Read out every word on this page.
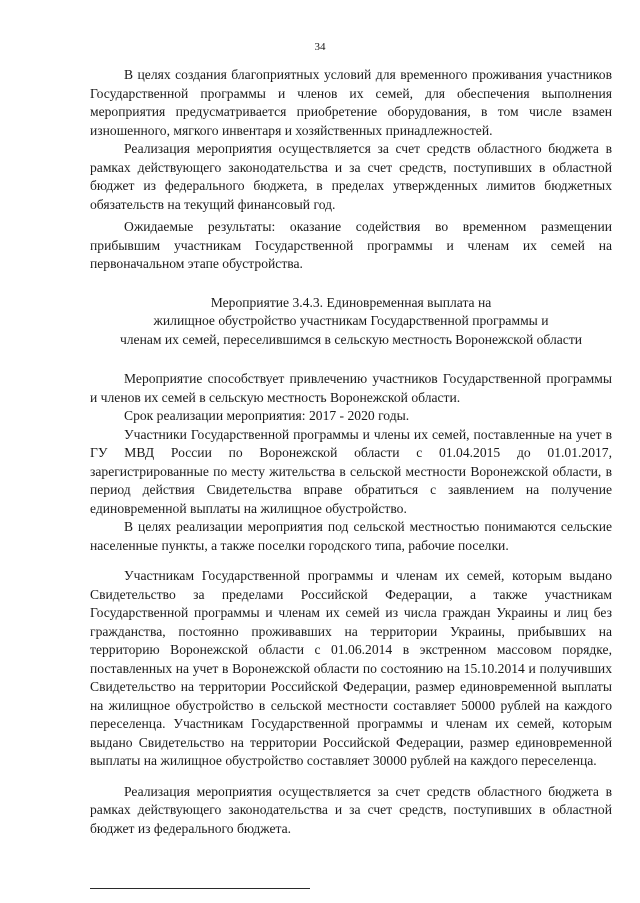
34

В целях создания благоприятных условий для временного проживания участников Государственной программы и членов их семей, для обеспечения выполнения мероприятия предусматривается приобретение оборудования, в том числе взамен изношенного, мягкого инвентаря и хозяйственных принадлежностей.

Реализация мероприятия осуществляется за счет средств областного бюджета в рамках действующего законодательства и за счет средств, поступивших в областной бюджет из федерального бюджета, в пределах утвержденных лимитов бюджетных обязательств на текущий финансовый год.

Ожидаемые результаты: оказание содействия во временном размещении прибывшим участникам Государственной программы и членам их семей на первоначальном этапе обустройства.

Мероприятие 3.4.3. Единовременная выплата на
жилищное обустройство участникам Государственной программы и
членам их семей, переселившимся в сельскую местность Воронежской области

Мероприятие способствует привлечению участников Государственной программы и членов их семей в сельскую местность Воронежской области.

Срок реализации мероприятия: 2017 - 2020 годы.

Участники Государственной программы и члены их семей, поставленные на учет в ГУ МВД России по Воронежской области с 01.04.2015 до 01.01.2017, зарегистрированные по месту жительства в сельской местности Воронежской области, в период действия Свидетельства вправе обратиться с заявлением на получение единовременной выплаты на жилищное обустройство.

В целях реализации мероприятия под сельской местностью понимаются сельские населенные пункты, а также поселки городского типа, рабочие поселки.

Участникам Государственной программы и членам их семей, которым выдано Свидетельство за пределами Российской Федерации, а также участникам Государственной программы и членам их семей из числа граждан Украины и лиц без гражданства, постоянно проживавших на территории Украины, прибывших на территорию Воронежской области с 01.06.2014 в экстренном массовом порядке, поставленных на учет в Воронежской области по состоянию на 15.10.2014 и получивших Свидетельство на территории Российской Федерации, размер единовременной выплаты на жилищное обустройство в сельской местности составляет 50000 рублей на каждого переселенца. Участникам Государственной программы и членам их семей, которым выдано Свидетельство на территории Российской Федерации, размер единовременной выплаты на жилищное обустройство составляет 30000 рублей на каждого переселенца.

Реализация мероприятия осуществляется за счет средств областного бюджета в рамках действующего законодательства и за счет средств, поступивших в областной бюджет из федерального бюджета.
